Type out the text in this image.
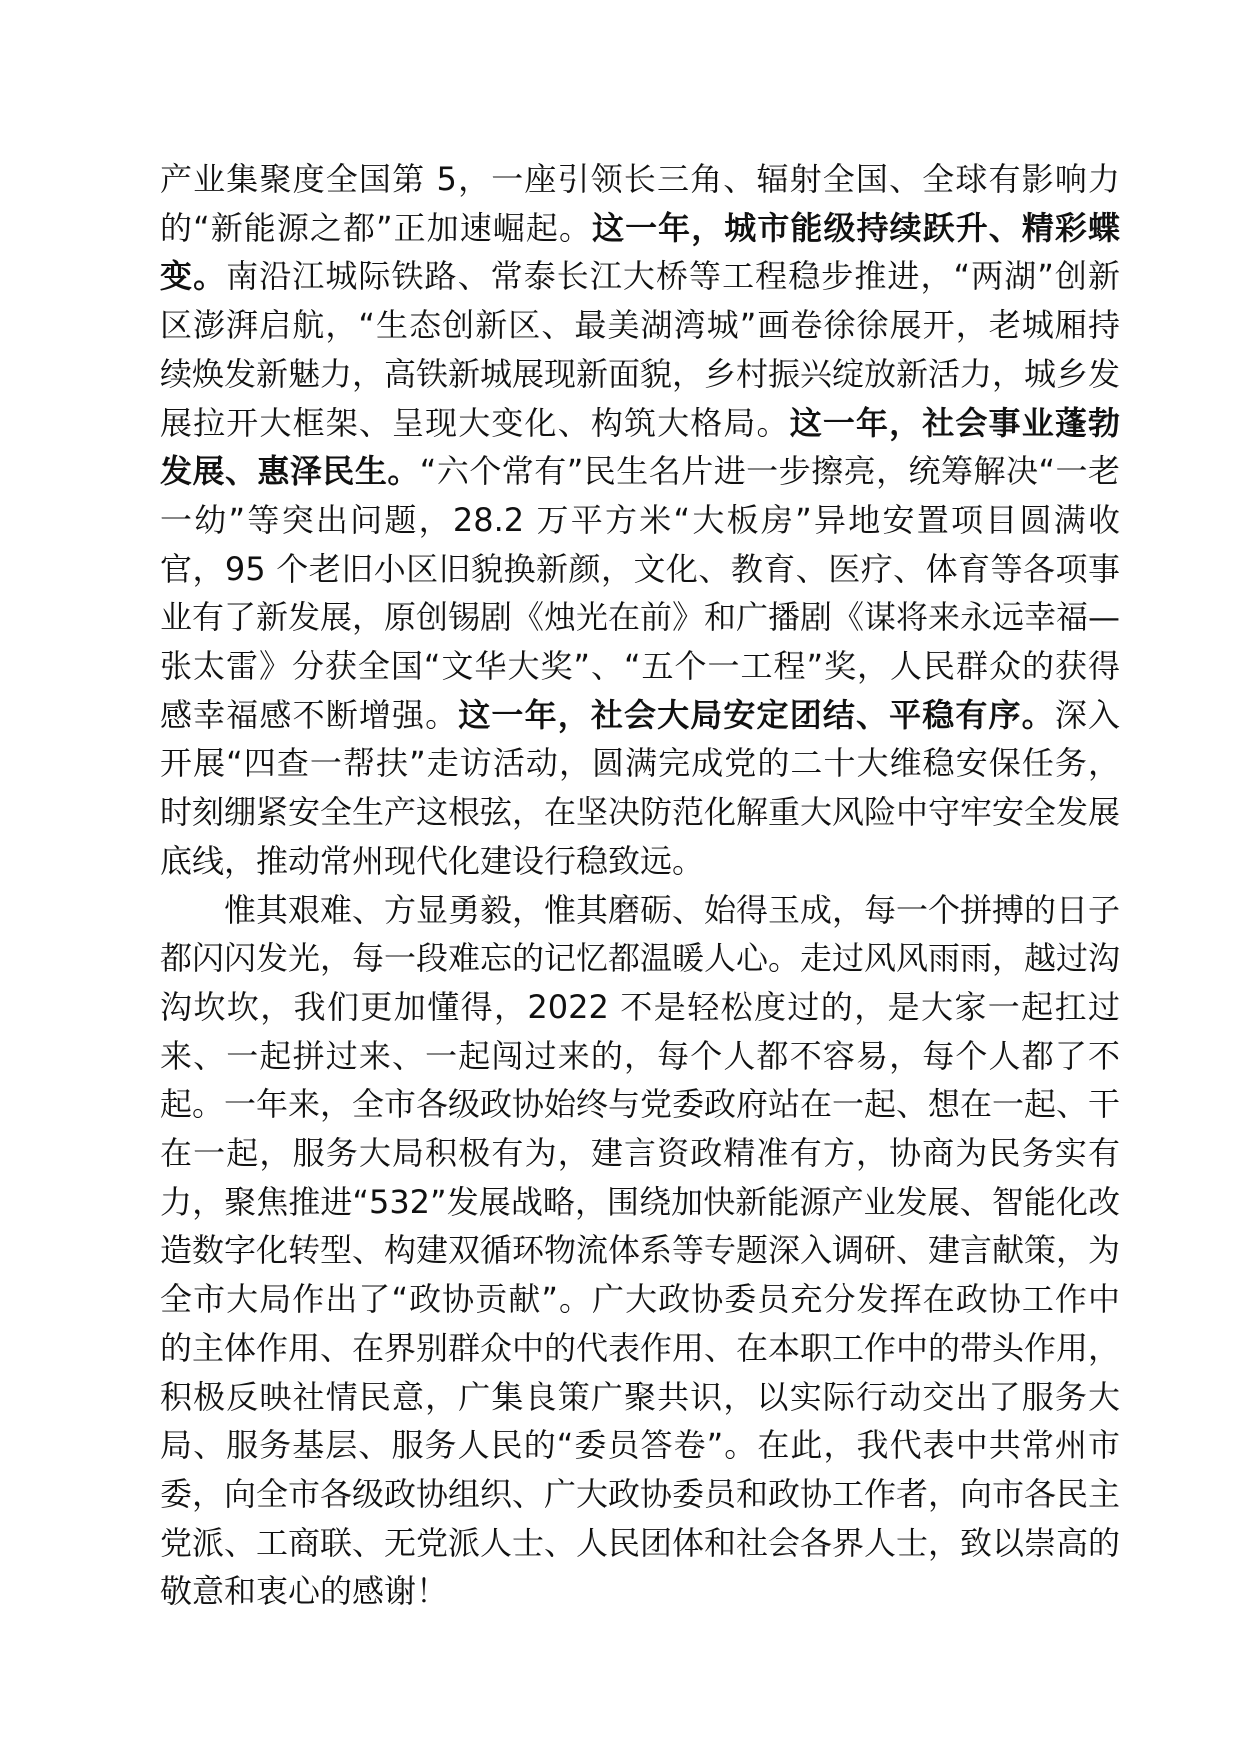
产业集聚度全国第 5，一座引领长三角、辐射全国、全球有影响力的“新能源之都”正加速崛起。这一年，城市能级持续跃升、精彩蝶变。南沿江城际铁路、常泰长江大桥等工程稳步推进，“两湖”创新区澎湃启航，“生态创新区、最美湖湾城”画卷徐徐展开，老城厢持续焕发新魅力，高铁新城展现新面貌，乡村振兴绽放新活力，城乡发展拉开大框架、呈现大变化、构筑大格局。这一年，社会事业蓬勃发展、惠泽民生。“六个常有”民生名片进一步擦亮，统筹解决“一老一幼”等突出问题，28.2 万平方米“大板房”异地安置项目圆满收官，95 个老旧小区旧貌换新颜，文化、教育、医疗、体育等各项事业有了新发展，原创锡剧《烛光在前》和广播剧《谋将来永远幸福—张太雷》分获全国“文华大奖”、“五个一工程”奖，人民群众的获得感幸福感不断增强。这一年，社会大局安定团结、平稳有序。深入开展“四查一帮扶”走访活动，圆满完成党的二十大维稳安保任务，时刻绷紧安全生产这根弦，在坚决防范化解重大风险中守牢安全发展底线，推动常州现代化建设行稳致远。

惟其艰难、方显勇毅，惟其磨砺、始得玉成，每一个拼搏的日子都闪闪发光，每一段难忘的记忆都温暖人心。走过风风雨雨，越过沟沟坎坎，我们更加懂得，2022 不是轻松度过的，是大家一起扛过来、一起拼过来、一起闯过来的，每个人都不容易，每个人都了不起。一年来，全市各级政协始终与党委政府站在一起、想在一起、干在一起，服务大局积极有为，建言资政精准有方，协商为民务实有力，聚焦推进“532”发展战略，围绕加快新能源产业发展、智能化改造数字化转型、构建双循环物流体系等专题深入调研、建言献策，为全市大局作出了“政协贡献”。广大政协委员充分发挥在政协工作中的主体作用、在界别群众中的代表作用、在本职工作中的带头作用，积极反映社情民意，广集良策广聚共识，以实际行动交出了服务大局、服务基层、服务人民的“委员答卷”。在此，我代表中共常州市委，向全市各级政协组织、广大政协委员和政协工作者，向市各民主党派、工商联、无党派人士、人民团体和社会各界人士，致以崇高的敬意和衷心的感谢！
